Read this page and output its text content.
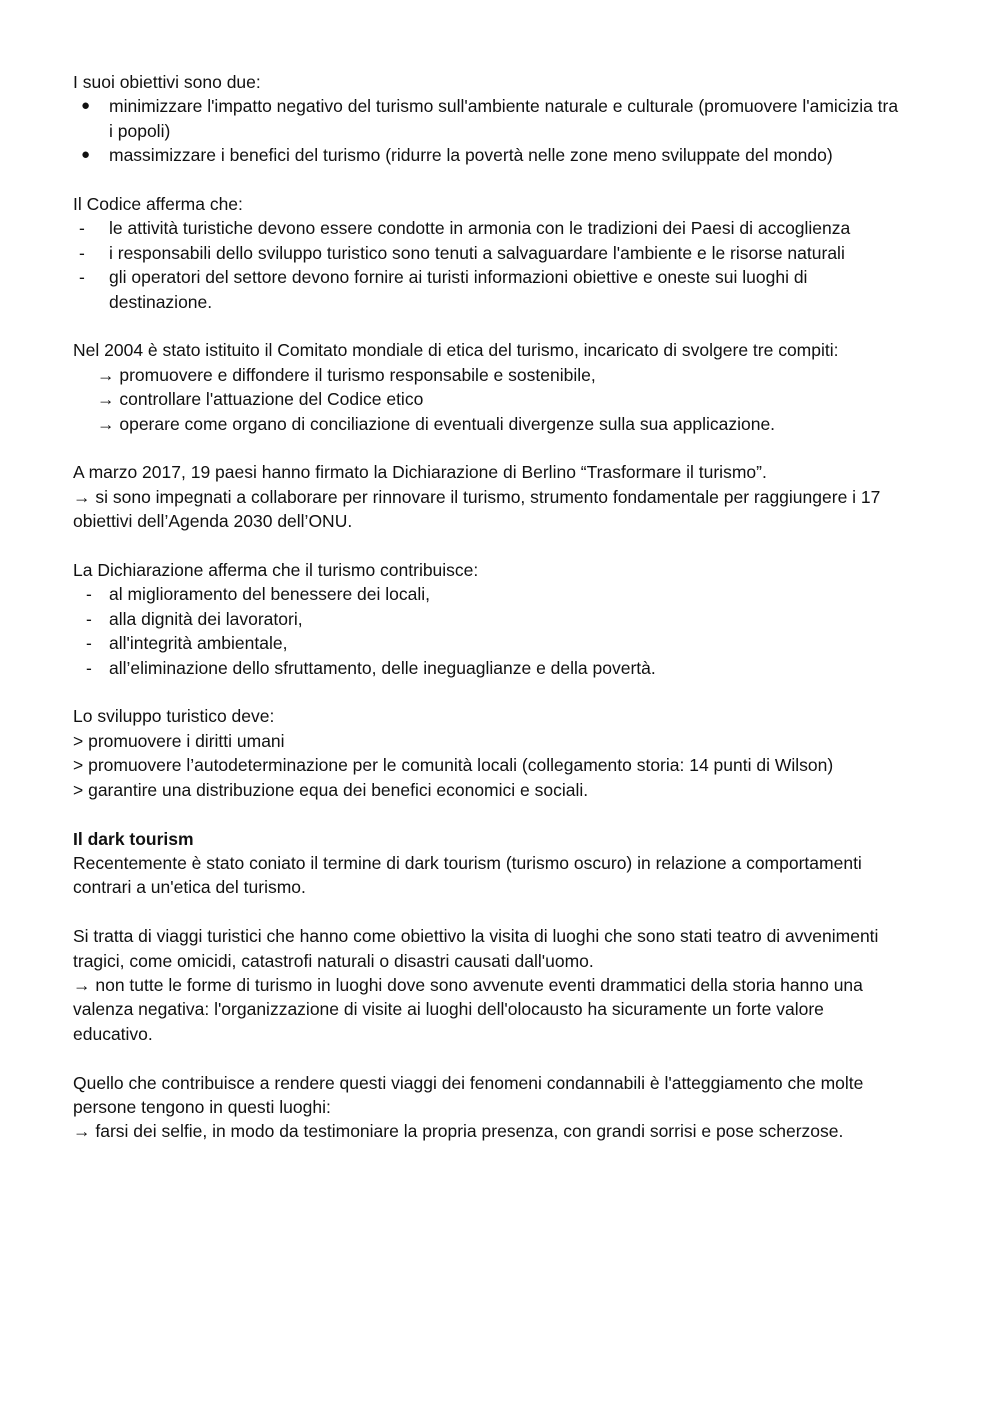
I suoi obiettivi sono due:

●	minimizzare l'impatto negativo del turismo sull'ambiente naturale e culturale (promuovere l'amicizia tra i popoli)
●	massimizzare i benefici del turismo (ridurre la povertà nelle zone meno sviluppate del mondo)

Il Codice afferma che:

-	le attività turistiche devono essere condotte in armonia con le tradizioni dei Paesi di accoglienza
-	i responsabili dello sviluppo turistico sono tenuti a salvaguardare l'ambiente e le risorse naturali
-	gli operatori del settore devono fornire ai turisti informazioni obiettive e oneste sui luoghi di destinazione.

Nel 2004 è stato istituito il Comitato mondiale di etica del turismo, incaricato di svolgere tre compiti:

→ promuovere e diffondere il turismo responsabile e sostenibile,

→ controllare l'attuazione del Codice etico

→ operare come organo di conciliazione di eventuali divergenze sulla sua applicazione.

A marzo 2017, 19 paesi hanno firmato la Dichiarazione di Berlino “Trasformare il turismo”.

→ si sono impegnati a collaborare per rinnovare il turismo, strumento fondamentale per raggiungere i 17 obiettivi dell’Agenda 2030 dell’ONU.

La Dichiarazione afferma che il turismo contribuisce:

- al miglioramento del benessere dei locali,
- alla dignità dei lavoratori,
- all'integrità ambientale,
- all’eliminazione dello sfruttamento, delle ineguaglianze e della povertà.

Lo sviluppo turistico deve:

> promuovere i diritti umani

> promuovere l’autodeterminazione per le comunità locali (collegamento storia: 14 punti di Wilson)

> garantire una distribuzione equa dei benefici economici e sociali.

Il dark tourism

Recentemente è stato coniato il termine di dark tourism (turismo oscuro) in relazione a comportamenti contrari a un'etica del turismo.

Si tratta di viaggi turistici che hanno come obiettivo la visita di luoghi che sono stati teatro di avvenimenti tragici, come omicidi, catastrofi naturali o disastri causati dall'uomo.

→ non tutte le forme di turismo in luoghi dove sono avvenute eventi drammatici della storia hanno una valenza negativa: l'organizzazione di visite ai luoghi dell'olocausto ha sicuramente un forte valore educativo.

Quello che contribuisce a rendere questi viaggi dei fenomeni condannabili è l'atteggiamento che molte persone tengono in questi luoghi:

→ farsi dei selfie, in modo da testimoniare la propria presenza, con grandi sorrisi e pose scherzose.
